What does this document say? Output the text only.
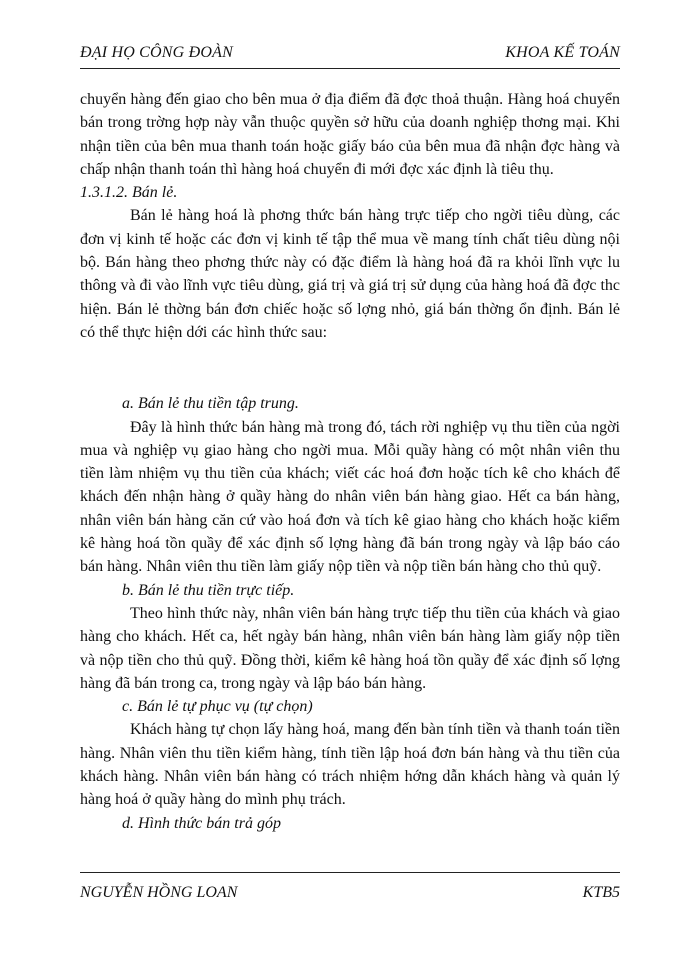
ĐẠI HỌ CÔNG ĐOÀN	KHOA KẾ TOÁN

chuyển hàng đến giao cho bên mua ở địa điểm đã đợc thoả thuận. Hàng hoá chuyển bán trong trờng hợp này vẫn thuộc quyền sở hữu của doanh nghiệp thơng mại. Khi nhận tiền của bên mua thanh toán hoặc giấy báo của bên mua đã nhận đợc hàng và chấp nhận thanh toán thì hàng hoá chuyển đi mới đợc xác định là tiêu thụ.

1.3.1.2. Bán lẻ.

Bán lẻ hàng hoá là phơng thức bán hàng trực tiếp cho ngời tiêu dùng, các đơn vị kinh tế hoặc các đơn vị kinh tế tập thể mua về mang tính chất tiêu dùng nội bộ. Bán hàng theo phơng thức này có đặc điểm là hàng hoá đã ra khỏi lĩnh vực lu thông và đi vào lĩnh vực tiêu dùng, giá trị và giá trị sử dụng của hàng hoá đã đợc thc hiện. Bán lẻ thờng bán đơn chiếc hoặc số lợng nhỏ, giá bán thờng ổn định. Bán lẻ có thể thực hiện dới các hình thức sau:

a. Bán lẻ thu tiền tập trung.

Đây là hình thức bán hàng mà trong đó, tách rời nghiệp vụ thu tiền của ngời mua và nghiệp vụ giao hàng cho ngời mua. Mỗi quầy hàng có một nhân viên thu tiền làm nhiệm vụ thu tiền của khách; viết các hoá đơn hoặc tích kê cho khách để khách đến nhận hàng ở quầy hàng do nhân viên bán hàng giao. Hết ca bán hàng, nhân viên bán hàng căn cứ vào hoá đơn và tích kê giao hàng cho khách hoặc kiểm kê hàng hoá tồn quầy để xác định số lợng hàng đã bán trong ngày và lập báo cáo bán hàng. Nhân viên thu tiền làm giấy nộp tiền và nộp tiền bán hàng cho thủ quỹ.

b. Bán lẻ thu tiền trực tiếp.

Theo hình thức này, nhân viên bán hàng trực tiếp thu tiền của khách và giao hàng cho khách. Hết ca, hết ngày bán hàng, nhân viên bán hàng làm giấy nộp tiền và nộp tiền cho thủ quỹ. Đồng thời, kiểm kê hàng hoá tồn quầy để xác định số lợng hàng đã bán trong ca, trong ngày và lập báo bán hàng.

c. Bán lẻ tự phục vụ (tự chọn)

Khách hàng tự chọn lấy hàng hoá, mang đến bàn tính tiền và thanh toán tiền hàng. Nhân viên thu tiền kiểm hàng, tính tiền lập hoá đơn bán hàng và thu tiền của khách hàng. Nhân viên bán hàng có trách nhiệm hớng dẫn khách hàng và quản lý hàng hoá ở quầy hàng do mình phụ trách.

d. Hình thức bán trả góp

NGUYỄN HỒNG LOAN	KTB5
